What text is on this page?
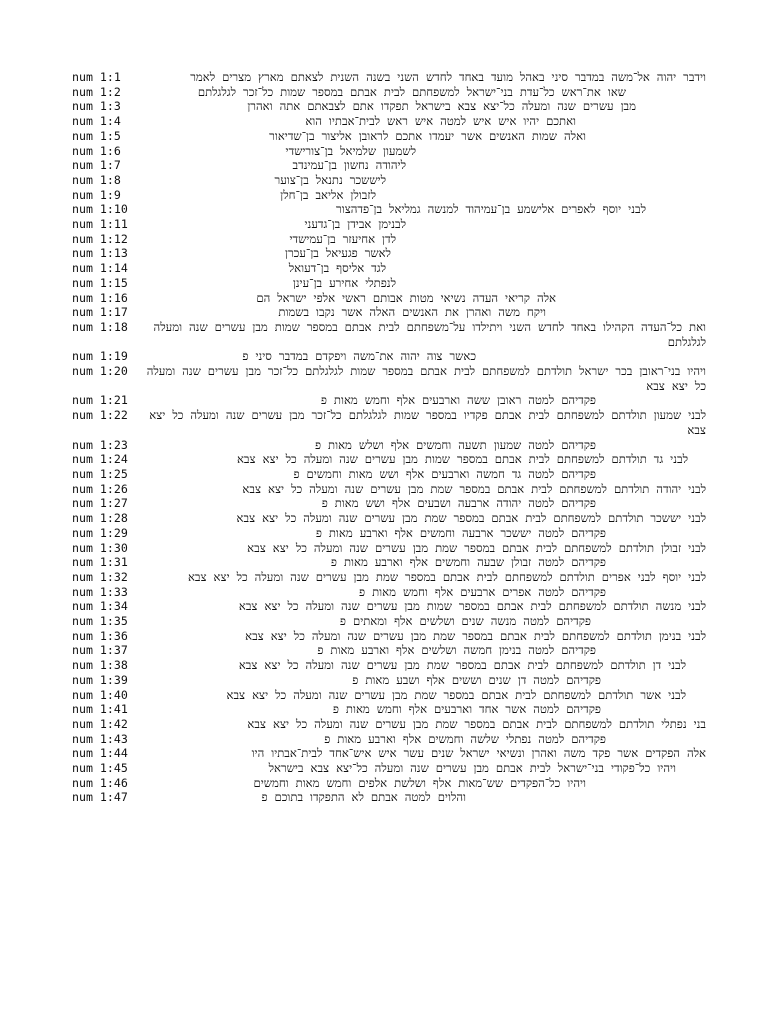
num 1:1	וידבר יהוה אל־משה במדבר סיני באהל מועד באחד לחדש השני בשנה השנית לצאתם מארץ מצרים לאמר
num 1:2	שאו את־ראש כל־עדת בני־ישראל למשפחתם לבית אבתם במספר שמות כל־זכר לגלגלתם
num 1:3	מבן עשרים שנה ומעלה כל־יצא צבא בישראל תפקדו אתם לצבאתם אתה ואהרן
num 1:4	ואתכם יהיו איש איש למטה איש ראש לבית־אבתיו הוא
num 1:5	ואלה שמות האנשים אשר יעמדו אתכם לראובן אליצור בן־שדיאור
num 1:6	לשמעון שלמיאל בן־צורישדי
num 1:7	ליהודה נחשון בן־עמינדב
num 1:8	ליששכר נתנאל בן־צוער
num 1:9	לזבולן אליאב בן־חלן
num 1:10	לבני יוסף לאפרים אלישמע בן־עמיהוד למנשה גמליאל בן־פדהצור
num 1:11	לבנימן אבידן בן־גדעני
num 1:12	לדן אחיעזר בן־עמישדי
num 1:13	לאשר פגעיאל בן־עכרן
num 1:14	לגד אליסף בן־דעואל
num 1:15	לנפתלי אחירע בן־עינן
num 1:16	אלה קריאי העדה נשיאי מטות אבותם ראשי אלפי ישראל הם
num 1:17	ויקח משה ואהרן את האנשים האלה אשר נקבו בשמות
num 1:18	ואת כל־העדה הקהילו באחד לחדש השני ויתילדו על־משפחתם לבית אבתם במספר שמות מבן עשרים שנה ומעלה לגלגלתם
num 1:19	כאשר צוה יהוה את־משה ויפקדם במדבר סיני פ
num 1:20	ויהיו בני־ראובן בכר ישראל תולדתם למשפחתם לבית אבתם במספר שמות לגלגלתם כל־זכר מבן עשרים שנה ומעלה כל יצא צבא
num 1:21	פקדיהם למטה ראובן ששה וארבעים אלף וחמש מאות פ
num 1:22	לבני שמעון תולדתם למשפחתם לבית אבתם פקדיו במספר שמות לגלגלתם כל־זכר מבן עשרים שנה ומעלה כל יצא צבא
num 1:23	פקדיהם למטה שמעון תשעה וחמשים אלף ושלש מאות פ
num 1:24	לבני גד תולדתם למשפחתם לבית אבתם במספר שמות מבן עשרים שנה ומעלה כל יצא צבא
num 1:25	פקדיהם למטה גד חמשה וארבעים אלף ושש מאות וחמשים פ
num 1:26	לבני יהודה תולדתם למשפחתם לבית אבתם במספר שמת מבן עשרים שנה ומעלה כל יצא צבא
num 1:27	פקדיהם למטה יהודה ארבעה ושבעים אלף ושש מאות פ
num 1:28	לבני יששכר תולדתם למשפחתם לבית אבתם במספר שמת מבן עשרים שנה ומעלה כל יצא צבא
num 1:29	פקדיהם למטה יששכר ארבעה וחמשים אלף וארבע מאות פ
num 1:30	לבני זבולן תולדתם למשפחתם לבית אבתם במספר שמת מבן עשרים שנה ומעלה כל יצא צבא
num 1:31	פקדיהם למטה זבולן שבעה וחמשים אלף וארבע מאות פ
num 1:32	לבני יוסף לבני אפרים תולדתם למשפחתם לבית אבתם במספר שמת מבן עשרים שנה ומעלה כל יצא צבא
num 1:33	פקדיהם למטה אפרים ארבעים אלף וחמש מאות פ
num 1:34	לבני מנשה תולדתם למשפחתם לבית אבתם במספר שמות מבן עשרים שנה ומעלה כל יצא צבא
num 1:35	פקדיהם למטה מנשה שנים ושלשים אלף ומאתים פ
num 1:36	לבני בנימן תולדתם למשפחתם לבית אבתם במספר שמת מבן עשרים שנה ומעלה כל יצא צבא
num 1:37	פקדיהם למטה בנימן חמשה ושלשים אלף וארבע מאות פ
num 1:38	לבני דן תולדתם למשפחתם לבית אבתם במספר שמת מבן עשרים שנה ומעלה כל יצא צבא
num 1:39	פקדיהם למטה דן שנים וששים אלף ושבע מאות פ
num 1:40	לבני אשר תולדתם למשפחתם לבית אבתם במספר שמת מבן עשרים שנה ומעלה כל יצא צבא
num 1:41	פקדיהם למטה אשר אחד וארבעים אלף וחמש מאות פ
num 1:42	בני נפתלי תולדתם למשפחתם לבית אבתם במספר שמת מבן עשרים שנה ומעלה כל יצא צבא
num 1:43	פקדיהם למטה נפתלי שלשה וחמשים אלף וארבע מאות פ
num 1:44	אלה הפקדים אשר פקד משה ואהרן ונשיאי ישראל שנים עשר איש איש־אחד לבית־אבתיו היו
num 1:45	ויהיו כל־פקודי בני־ישראל לבית אבתם מבן עשרים שנה ומעלה כל־יצא צבא בישראל
num 1:46	ויהיו כל־הפקדים שש־מאות אלף ושלשת אלפים וחמש מאות וחמשים
num 1:47	והלוים למטה אבתם לא התפקדו בתוכם פ
